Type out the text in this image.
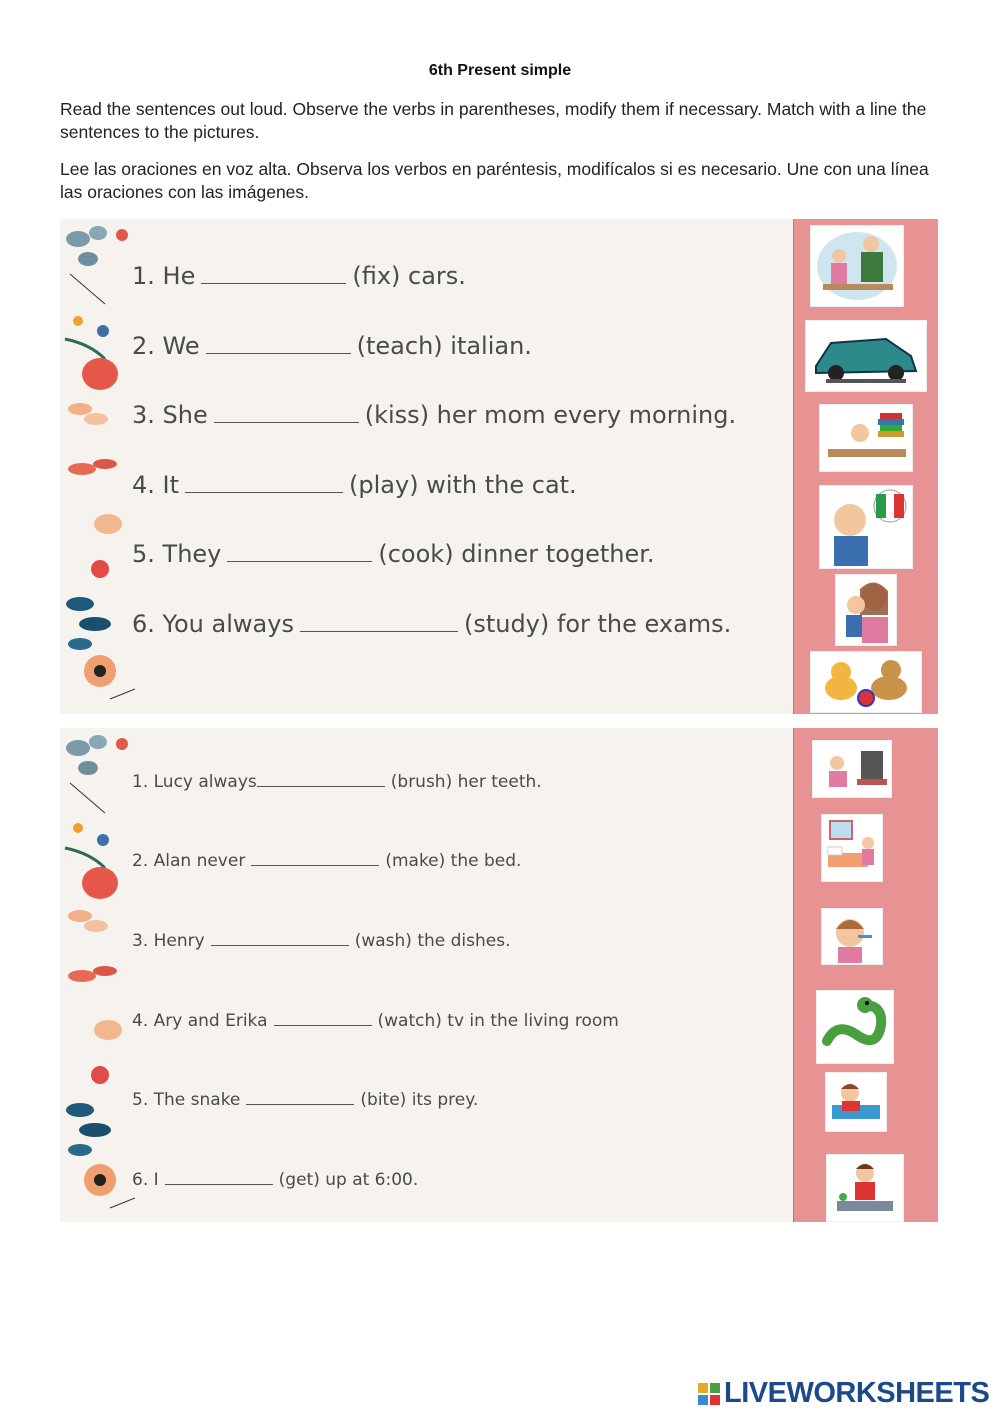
6th Present simple
Read the sentences out loud. Observe the verbs in parentheses, modify them if necessary. Match with a line the sentences to the pictures.
Lee las oraciones en voz alta. Observa los verbos en paréntesis, modifícalos si es necesario. Une con una línea las oraciones con las imágenes.
1. He	(fix) cars.
2. We	(teach) italian.
3. She	(kiss) her mom every morning.
4. It	(play) with the cat.
5. They	(cook) dinner together.
6. You always	(study) for the exams.
1. Lucy always	(brush) her teeth.
2. Alan never	(make) the bed.
3. Henry	(wash) the dishes.
4. Ary and Erika	(watch) tv in the living room
5. The snake	(bite) its prey.
6. I	(get) up at 6:00.
LIVEWORKSHEETS
